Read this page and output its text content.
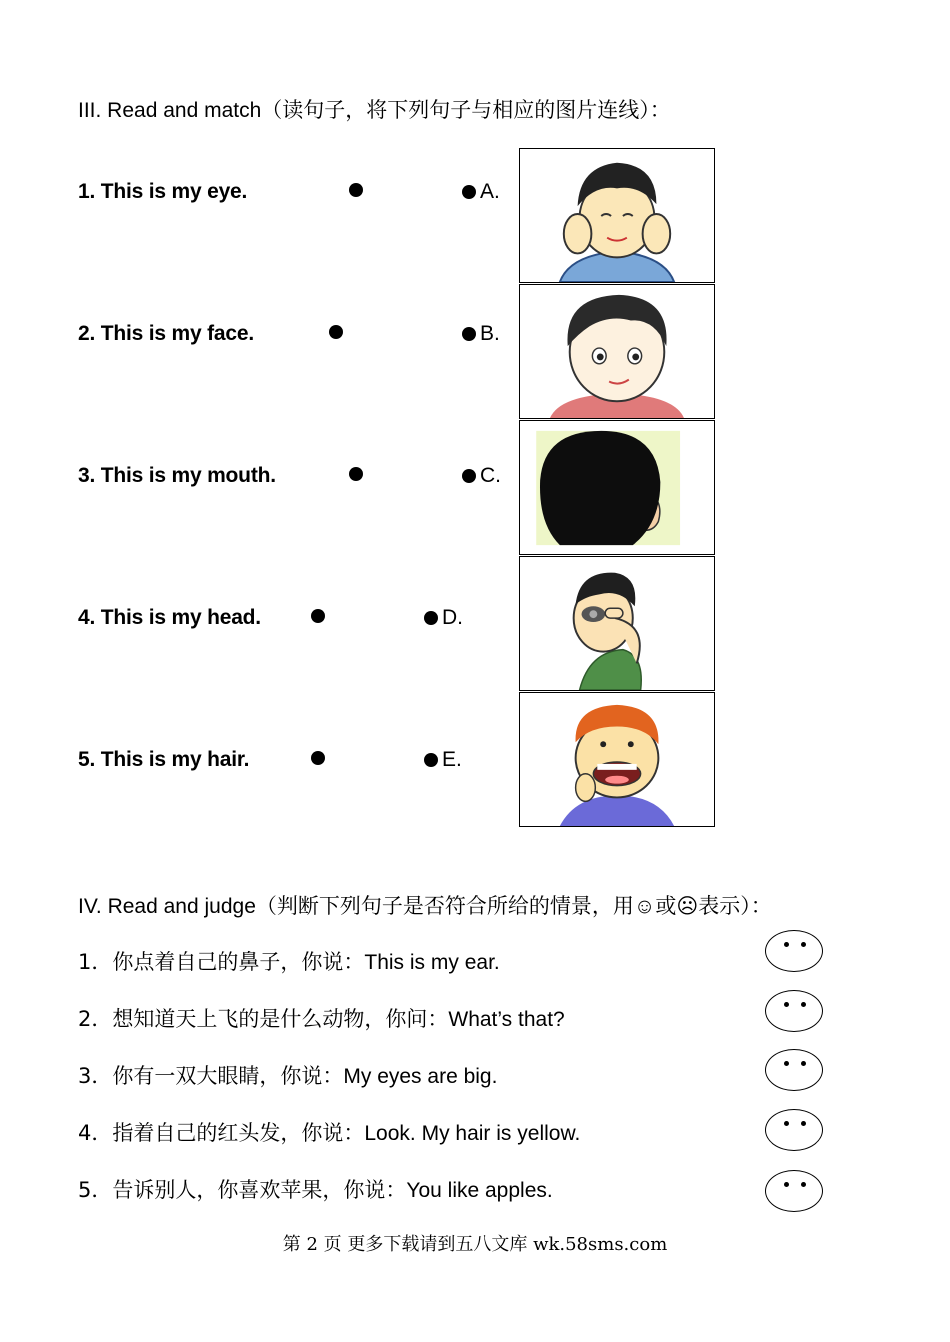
III. Read and match（读句子，将下列句子与相应的图片连线）：
1. This is my eye.	A.
2. This is my face.	B.
3. This is my mouth.	C.
4. This is my head.	D.
5. This is my hair.	E.
IV. Read and judge（判断下列句子是否符合所给的情景，用☺或☹表示）：
1．你点着自己的鼻子，你说：This is my ear.
2．想知道天上飞的是什么动物，你问：What’s that?
3．你有一双大眼睛，你说：My eyes are big.
4．指着自己的红头发，你说：Look. My hair is yellow.
5．告诉别人，你喜欢苹果，你说：You like apples.
第 2 页 更多下载请到五八文库 wk.58sms.com
